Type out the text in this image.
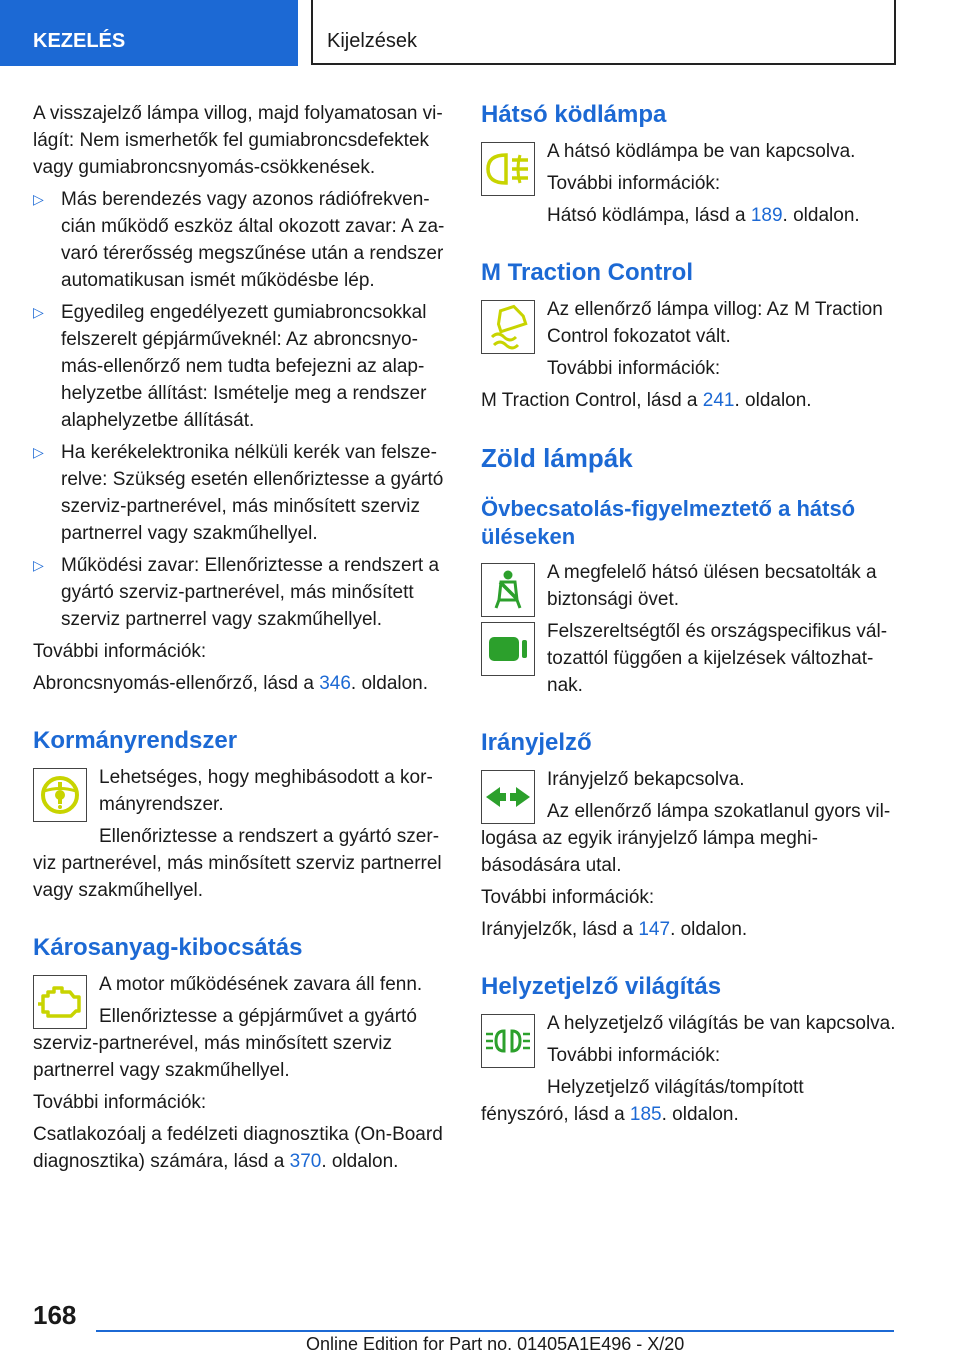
KEZELÉS	Kijelzések

A visszajelző lámpa villog, majd folyamatosan világít: Nem ismerhetők fel gumiabroncsdefektek vagy gumiabroncsnyomás-csökkenések.

▷ Más berendezés vagy azonos rádiófrekvencián működő eszköz által okozott zavar: A zavaró térerősség megszűnése után a rendszer automatikusan ismét működésbe lép.
▷ Egyedileg engedélyezett gumiabroncsokkal felszerelt gépjárműveknél: Az abroncsnyomás-ellenőrző nem tudta befejezni az alaphelyzetbe állítást: Ismételje meg a rendszer alaphelyzetbe állítását.
▷ Ha kerékelektronika nélküli kerék van felszerelve: Szükség esetén ellenőriztesse a gyártó szerviz-partnerével, más minősített szerviz partnerrel vagy szakműhellyel.
▷ Működési zavar: Ellenőriztesse a rendszert a gyártó szerviz-partnerével, más minősített szerviz partnerrel vagy szakműhellyel.

További információk:

Abroncsnyomás-ellenőrző, lásd a 346. oldalon.

Kormányrendszer

Lehetséges, hogy meghibásodott a kormányrendszer.

Ellenőriztesse a rendszert a gyártó szerviz partnerével, más minősített szerviz partnerrel vagy szakműhellyel.

Károsanyag-kibocsátás

A motor működésének zavara áll fenn.

Ellenőriztesse a gépjárművet a gyártó szerviz-partnerével, más minősített szerviz partnerrel vagy szakműhellyel.

További információk:

Csatlakozóalj a fedélzeti diagnosztika (On-Board diagnosztika) számára, lásd a 370. oldalon.

Hátsó ködlámpa

A hátsó ködlámpa be van kapcsolva.

További információk:

Hátsó ködlámpa, lásd a 189. oldalon.

M Traction Control

Az ellenőrző lámpa villog: Az M Traction Control fokozatot vált.

További információk:

M Traction Control, lásd a 241. oldalon.

Zöld lámpák
Övbecsatolás-figyelmeztető a hátsó üléseken

A megfelelő hátsó ülésen becsatolták a biztonsági övet.

Felszereltségtől és országspecifikus változattól függően a kijelzések változhatnak.

Irányjelző

Irányjelző bekapcsolva.

Az ellenőrző lámpa szokatlanul gyors villogása az egyik irányjelző lámpa meghibásodására utal.

További információk:

Irányjelzők, lásd a 147. oldalon.

Helyzetjelző világítás

A helyzetjelző világítás be van kapcsolva.

További információk:

Helyzetjelző világítás/tompított fényszóró, lásd a 185. oldalon.

168
Online Edition for Part no. 01405A1E496 - X/20
